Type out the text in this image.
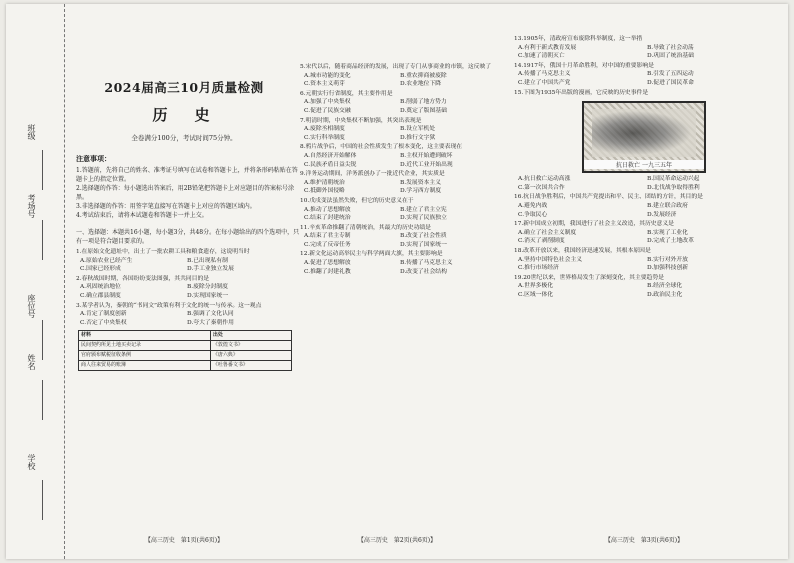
班级
考场号
座位号
姓名
学校
2024届高三10月质量检测
历　史
全卷满分100分，考试时间75分钟。
注意事项：
1.答题前，先将自己的姓名、准考证号填写在试卷和答题卡上，并将条形码粘贴在答题卡上的指定位置。
2.选择题的作答：每小题选出答案后，用2B铅笔把答题卡上对应题目的答案标号涂黑。
3.非选择题的作答：用签字笔直接写在答题卡上对应的答题区域内。
4.考试结束后，请将本试题卷和答题卡一并上交。
一、选择题：本题共16小题，每小题3分，共48分。在每小题给出的四个选项中，只有一项是符合题目要求的。
1.在原始文化遗址中，出土了一批农耕工具和粮食遗存，这说明当时
A.原始农业已经产生	B.已出现私有制
C.国家已经形成	D.手工业独立发展
2.春秋战国时期，各国纷纷变法图强，其共同目的是
A.巩固统治地位	B.废除分封制度
C.确立郡县制度	D.实现国家统一
3.某学者认为，秦朝的“书同文”政策有利于文化的统一与传承。这一观点
A.肯定了制度创新	B.强调了文化认同
C.否定了中央集权	D.夸大了秦朝作用
材料	出处
民间契约所见土地买卖记录	《敦煌文书》
官府颁布赋税征收条例	《唐六典》
商人往来贸易的账簿	《吐鲁番文书》
【高三历史　第1页(共6页)】
5.宋代以后，随着商品经济的发展，出现了专门从事商业的市镇，这反映了
A.城市功能的变化	B.重农抑商被废除
C.资本主义萌芽	D.农业地位下降
6.元朝实行行省制度，其主要作用是
A.加强了中央集权	B.削弱了地方势力
C.促进了民族交融	D.奠定了版图基础
7.明清时期，中央集权不断加强，其突出表现是
A.废除丞相制度	B.设立军机处
C.实行科举制度	D.推行文字狱
8.鸦片战争后，中国的社会性质发生了根本变化，这主要表现在
A.自然经济开始解体	B.主权开始遭到破坏
C.民族矛盾日益尖锐	D.近代工业开始出现
9.洋务运动期间，洋务派创办了一批近代企业，其实质是
A.维护清朝统治	B.发展资本主义
C.抵御外国侵略	D.学习西方制度
10.戊戌变法虽然失败，但它的历史意义在于
A.推动了思想解放	B.建立了君主立宪
C.结束了封建统治	D.实现了民族独立
11.辛亥革命推翻了清朝统治，其最大的历史功绩是
A.结束了君主专制	B.改变了社会性质
C.完成了反帝任务	D.实现了国家统一
12.新文化运动高举民主与科学两面大旗，其主要影响是
A.促进了思想解放	B.传播了马克思主义
C.推翻了封建礼教	D.改变了社会结构
【高三历史　第2页(共6页)】
13.1905年，清政府宣布废除科举制度，这一举措
A.有利于新式教育发展	B.导致了社会动荡
C.加速了清朝灭亡	D.巩固了统治基础
14.1917年，俄国十月革命胜利，对中国的重要影响是
A.传播了马克思主义	B.引发了五四运动
C.建立了中国共产党	D.促进了国民革命
15.下图为1935年出版的漫画，它反映的历史事件是
抗日救亡 一九三五年
A.抗日救亡运动高涨	B.国民革命运动兴起
C.第一次国共合作	D.北伐战争取得胜利
16.抗日战争胜利后，中国共产党提出和平、民主、团结的方针，其目的是
A.避免内战	B.建立联合政府
C.争取民心	D.发展经济
17.新中国成立初期，我国进行了社会主义改造，其历史意义是
A.确立了社会主义制度	B.实现了工业化
C.消灭了剥削制度	D.完成了土地改革
18.改革开放以来，我国经济迅速发展，其根本原因是
A.坚持中国特色社会主义	B.实行对外开放
C.推行市场经济	D.加强科技创新
19.20世纪以来，世界格局发生了深刻变化，其主要趋势是
A.世界多极化	B.经济全球化
C.区域一体化	D.政治民主化
【高三历史　第3页(共6页)】
